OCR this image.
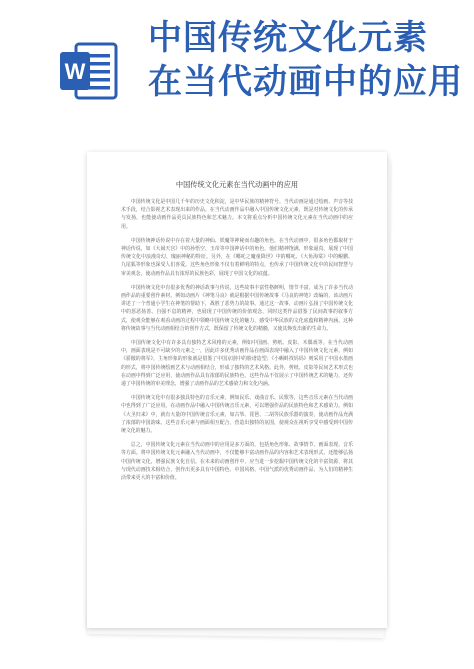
W
中国传统文化元素
在当代动画中的应用
中国传统文化元素在当代动画中的应用

中国传统文化是中国几千年的历史文化积淀，是中华民族的精神符号。当代动画是通过绘画、声音等技术手段，结合影视艺术表现出来的作品。在当代动画作品中融入中国传统文化元素，既是对传统文化的传承与发扬，也能使动画作品更具民族特色和艺术魅力。本文将重点分析中国传统文化元素在当代动画中的应用。

中国传统神话传说中存在着大量的神仙、妖魔等神秘而有趣的角色。在当代动画中，很多角色都取材于神话传说，如《大闹天宫》中的孙悟空、玉帝等中国神话中的角色，他们精神饱满、形象逼真，展现了中国传统文化中浪漫奇幻、瑰丽神秘的特征。另外，在《哪吒之魔童降世》中的哪吒、《大鱼海棠》中的鲲鹏、九尾狐等形象也深受人们喜爱。这些角色形象不仅有着鲜明的特点，也传承了中国传统文化中的民间智慧与审美观念，使动画作品具有浓厚的民族色彩，展现了中国文化的底蕴。

中国传统文化中有很多优秀的神话故事与传说，这些故事丰富性格鲜明，情节丰富，成为了许多当代动画作品的重要创作素材。例如动画片《神笔马良》就是根据中国传统故事《马良的神笔》改编的，该动画片讲述了一个普通小学生在神笔的帮助下，战胜了恶势力的故事。通过这一故事，动画片弘扬了中国传统文化中的惩恶扬善、自强不息的精神，也展现了中国传统的价值观念，同时这类作品借鉴了民间故事的叙事方式，使观众能够在观看动画的过程中领略中国传统文化的魅力，感受中华民族的文化底蕴和精神内涵。这种将传统故事与当代动画相结合的创作方式，既保留了传统文化的精髓，又使其焕发出新的生命力。

中国传统文化中有许多具有独特艺术风格的元素，例如中国画、剪纸、皮影、木偶戏等。在当代动画中，画面表现是不可缺少的元素之一，因此许多优秀动画作品在画面表现中融入了中国传统文化元素，例如《骄傲的将军》，主角形象的形象就是借鉴了中国京剧中的脸谱造型；《小蝌蚪找妈妈》则采用了中国水墨画的形式，将中国传统绘画艺术与动画相结合，形成了独特的艺术风格。此外，剪纸、皮影等民间艺术形式也在动画中得到广泛应用，使动画作品具有浓郁的民族特色，这些作品不仅展示了中国传统艺术的魅力，还传递了中国传统的审美理念，增强了动画作品的艺术感染力和文化内涵。

中国传统文化中有很多独具特色的音乐元素，例如民乐、戏曲音乐、民歌等，这些音乐元素在当代动画中也得到了广泛应用。在动画作品中融入中国传统音乐元素，可以增强作品的民族特色和艺术感染力。例如《大圣归来》中，就有大量的中国传统音乐元素，如古筝、琵琶、二胡等民族乐器的演奏，使动画作品充满了浓郁的中国韵味。这些音乐元素与画面相互配合，营造出独特的氛围，使观众在视听享受中感受到中国传统文化的魅力。

总之，中国传统文化元素在当代动画中的应用是多方面的，包括角色形象、故事情节、画面表现、音乐等方面。将中国传统文化元素融入当代动画中，不仅能够丰富动画作品的内容和艺术表现形式，还能够弘扬中国传统文化，增强民族文化自信。在未来的动画创作中，应当进一步挖掘中国传统文化的丰富资源，将其与现代动画技术相结合，创作出更多具有中国特色、中国风格、中国气派的优秀动画作品，为人们的精神生活带来更大的丰富和价值。
